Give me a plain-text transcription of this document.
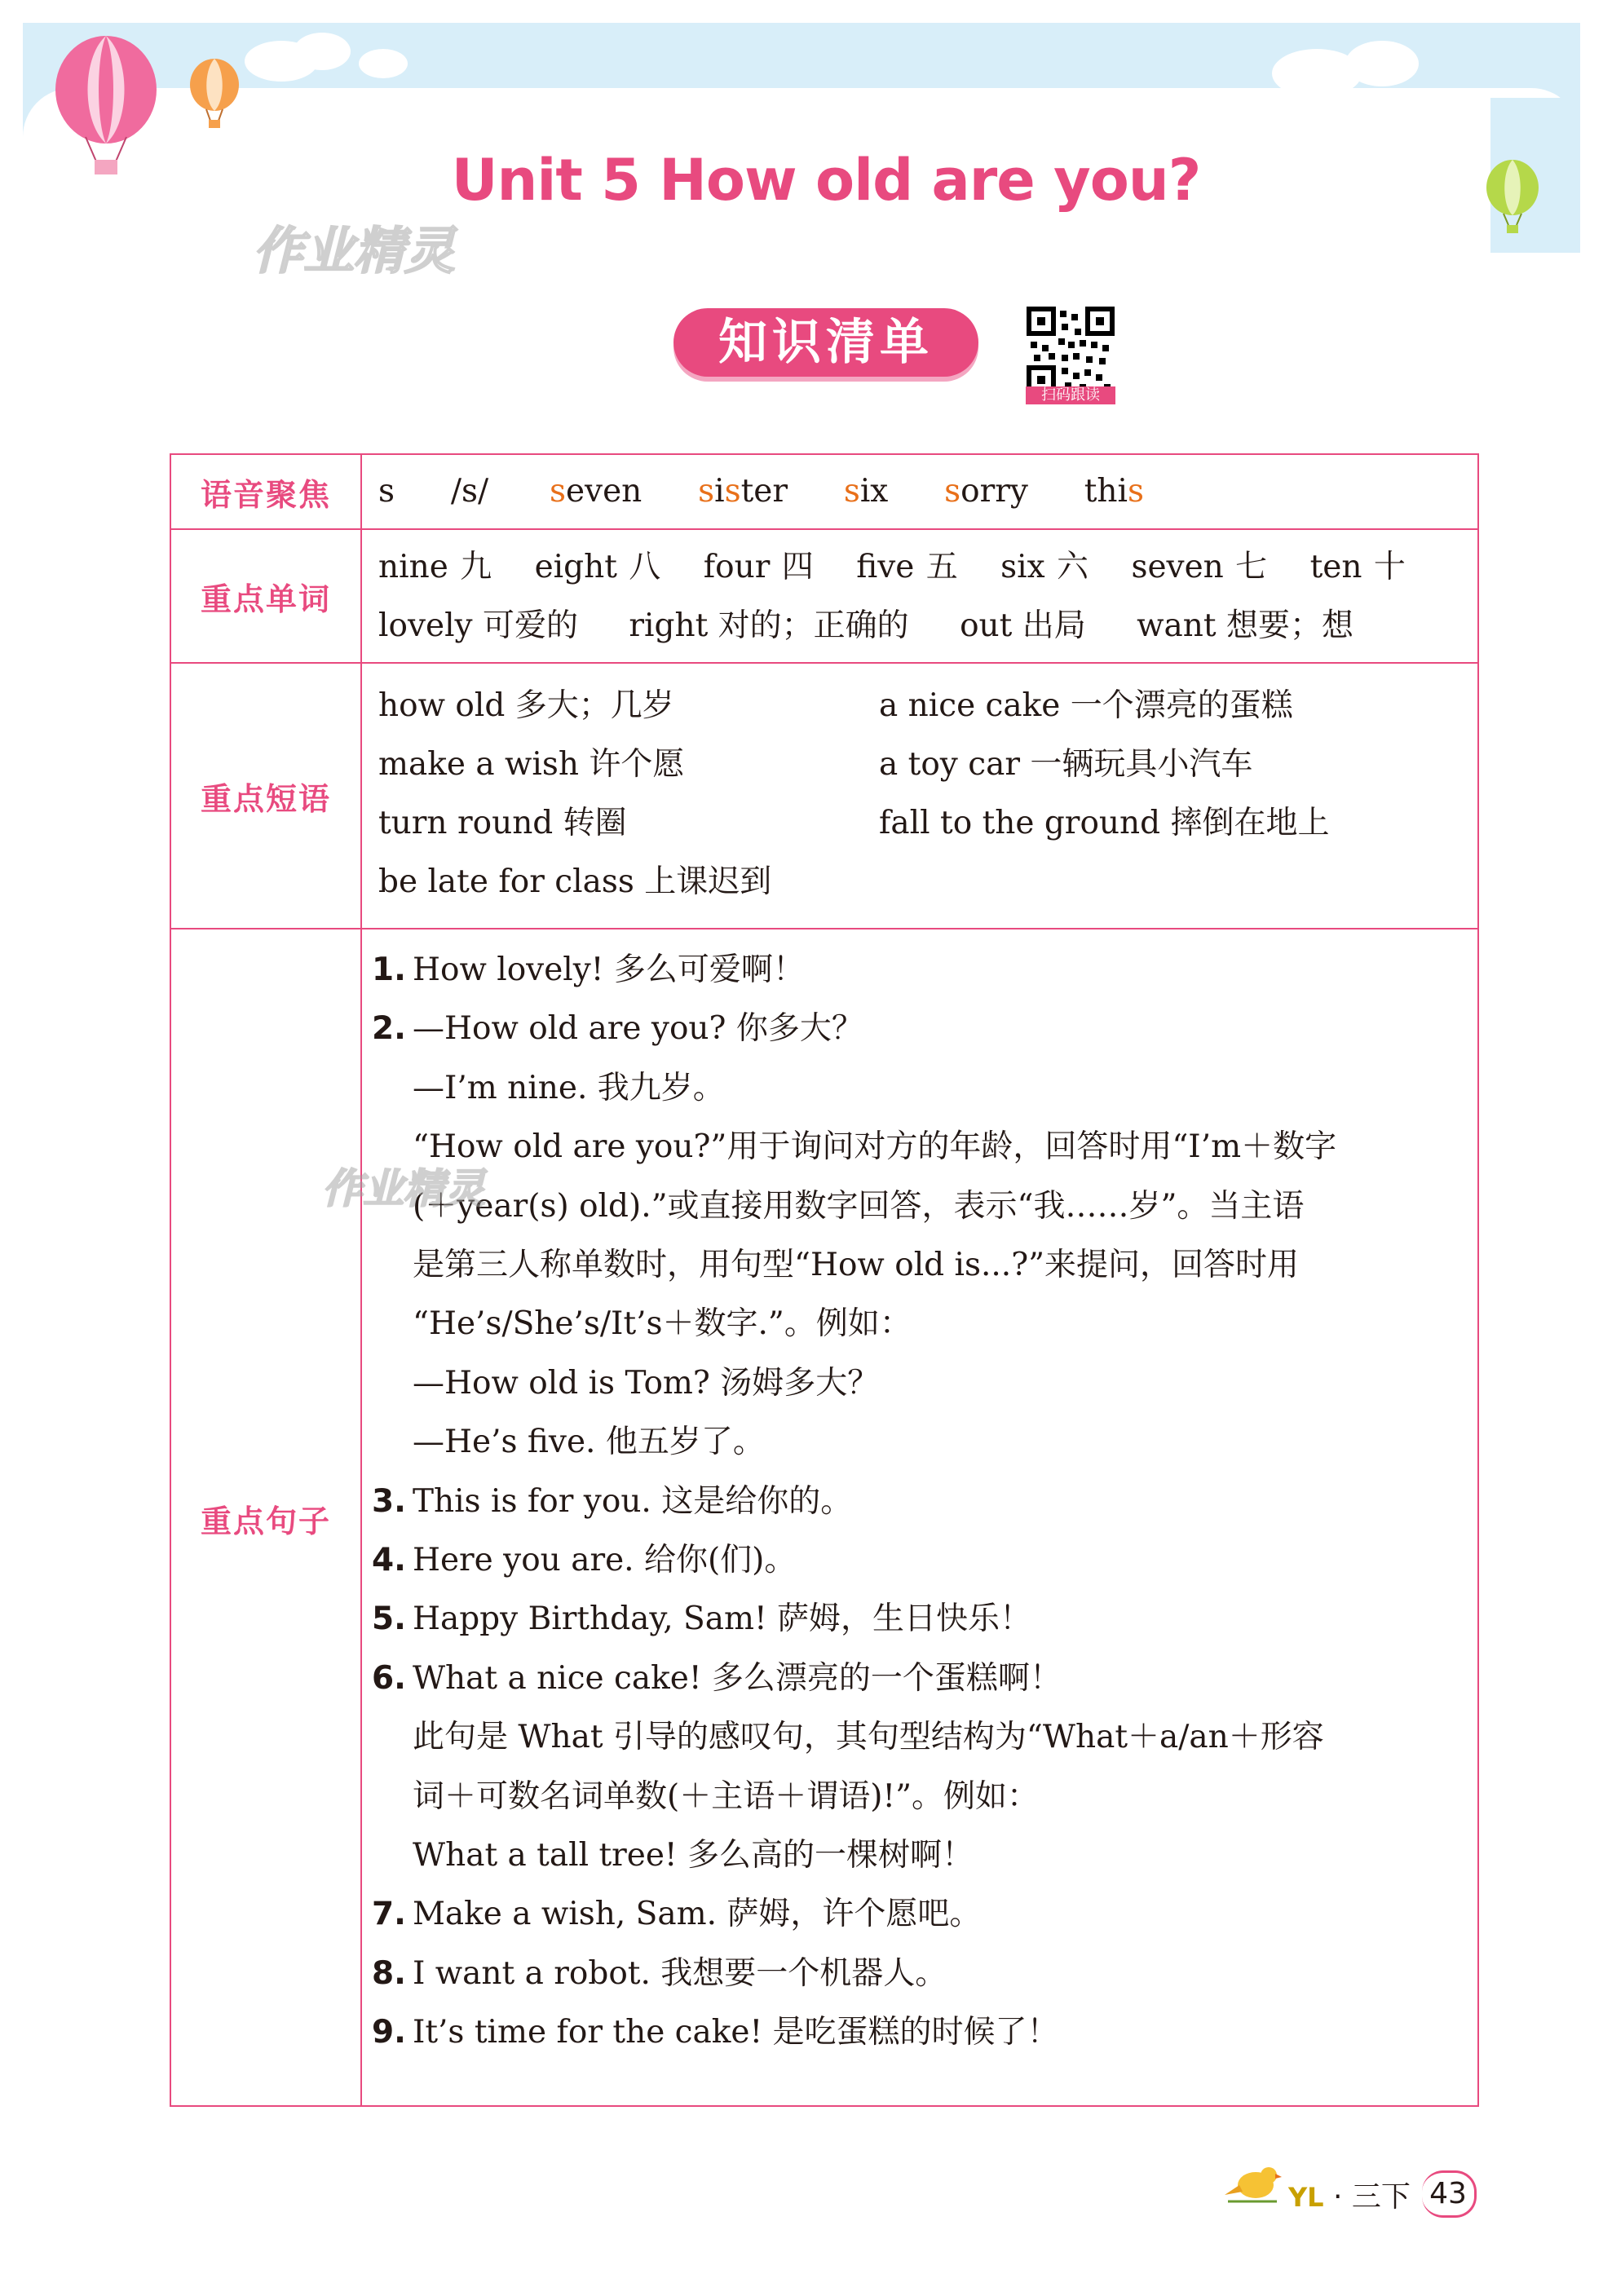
Unit 5 How old are you?
作业精灵
知识清单
扫码跟读
语音聚焦	s /s/ seven sister six sorry this
重点单词
nine 九 eight 八 four 四 five 五 six 六 seven 七 ten 十
lovely 可爱的 right 对的；正确的 out 出局 want 想要；想
重点短语
how old 多大；几岁
make a wish 许个愿
turn round 转圈
be late for class 上课迟到
a nice cake 一个漂亮的蛋糕
a toy car 一辆玩具小汽车
fall to the ground 摔倒在地上
重点句子
1. How lovely! 多么可爱啊！
2. —How old are you? 你多大？
—I’m nine. 我九岁。
“How old are you?”用于询问对方的年龄，回答时用“I’m＋数字
(＋year(s) old).”或直接用数字回答，表示“我……岁”。当主语
是第三人称单数时，用句型“How old is...?”来提问，回答时用
“He’s/She’s/It’s＋数字.”。例如：
—How old is Tom? 汤姆多大？
—He’s five. 他五岁了。
3. This is for you. 这是给你的。
4. Here you are. 给你(们)。
5. Happy Birthday, Sam! 萨姆，生日快乐！
6. What a nice cake! 多么漂亮的一个蛋糕啊！
此句是 What 引导的感叹句，其句型结构为“What＋a/an＋形容
词＋可数名词单数(＋主语＋谓语)!”。例如：
What a tall tree! 多么高的一棵树啊！
7. Make a wish, Sam. 萨姆，许个愿吧。
8. I want a robot. 我想要一个机器人。
9. It’s time for the cake! 是吃蛋糕的时候了！
作业精灵
YL · 三下 43
